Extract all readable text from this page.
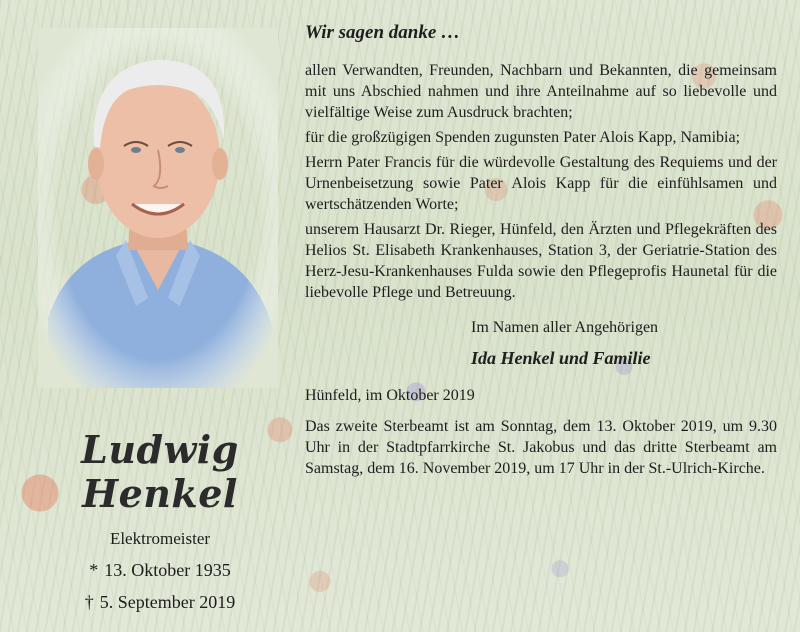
Ludwig
Henkel
Elektromeister
* 13. Oktober 1935
† 5. September 2019
Wir sagen danke …

allen Verwandten, Freunden, Nachbarn und Bekannten, die gemeinsam mit uns Abschied nahmen und ihre Anteilnahme auf so liebevolle und vielfältige Weise zum Ausdruck brachten;

für die großzügigen Spenden zugunsten Pater Alois Kapp, Namibia;

Herrn Pater Francis für die würdevolle Gestaltung des Requiems und der Urnenbeisetzung sowie Pater Alois Kapp für die einfühlsamen und wertschätzenden Worte;

unserem Hausarzt Dr. Rieger, Hünfeld, den Ärzten und Pflegekräften des Helios St. Elisabeth Krankenhauses, Station 3, der Geriatrie-Station des Herz-Jesu-Krankenhauses Fulda sowie den Pflegeprofis Haunetal für die liebevolle Pflege und Betreuung.

Im Namen aller Angehörigen
Ida Henkel und Familie
Hünfeld, im Oktober 2019
Das zweite Sterbeamt ist am Sonntag, dem 13. Oktober 2019, um 9.30 Uhr in der Stadtpfarrkirche St. Jakobus und das dritte Sterbeamt am Samstag, dem 16. November 2019, um 17 Uhr in der St.-Ulrich-Kirche.
